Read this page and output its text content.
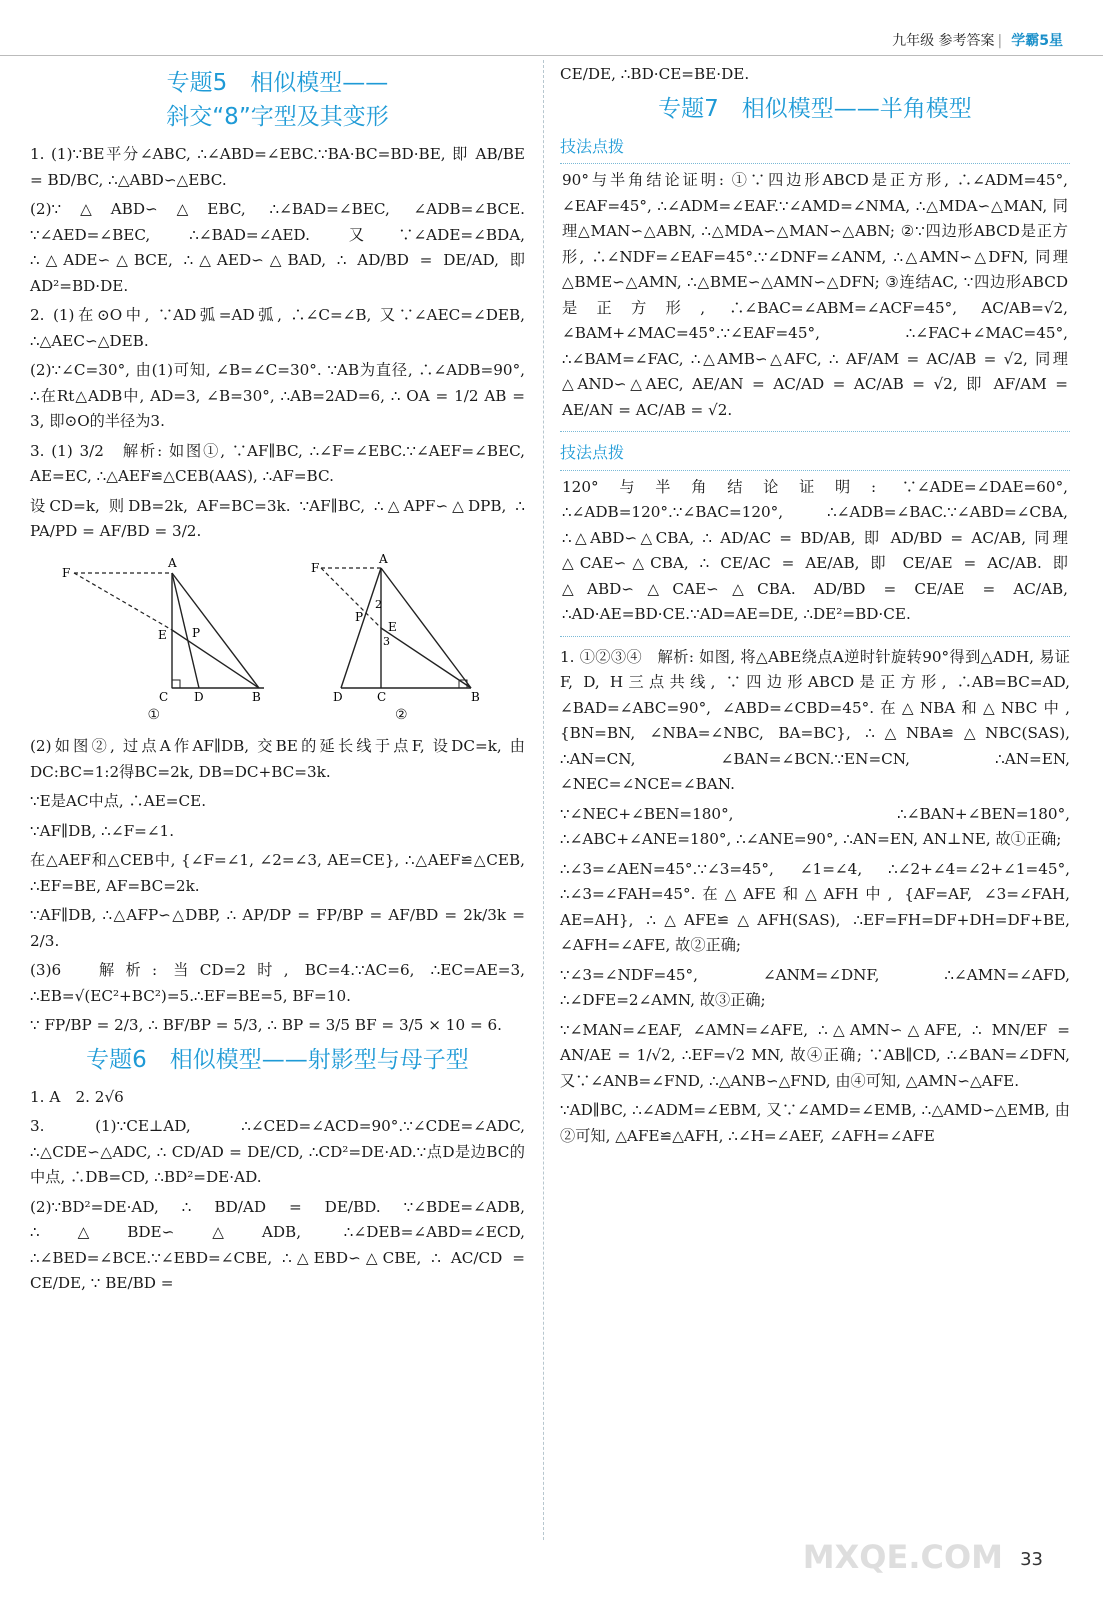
九年级 参考答案 | 学霸5星
专题5　相似模型——
斜交“8”字型及其变形

1. (1)∵BE平分∠ABC, ∴∠ABD=∠EBC.∵BA·BC=BD·BE, 即 AB/BE = BD/BC, ∴△ABD∽△EBC.

(2)∵△ABD∽△EBC, ∴∠BAD=∠BEC, ∠ADB=∠BCE. ∵∠AED=∠BEC, ∴∠BAD=∠AED. 又∵∠ADE=∠BDA, ∴△ADE∽△BCE, ∴△AED∽△BAD, ∴ AD/BD = DE/AD, 即 AD²=BD·DE.

2. (1)在⊙O中, ∵AD弧=AD弧, ∴∠C=∠B, 又∵∠AEC=∠DEB, ∴△AEC∽△DEB.

(2)∵∠C=30°, 由(1)可知, ∠B=∠C=30°. ∵AB为直径, ∴∠ADB=90°, ∴在Rt△ADB中, AD=3, ∠B=30°, ∴AB=2AD=6, ∴ OA = 1/2 AB = 3, 即⊙O的半径为3.

3. (1) 3/2　解析: 如图①, ∵AF∥BC, ∴∠F=∠EBC.∵∠AEF=∠BEC, AE=EC, ∴△AEF≌△CEB(AAS), ∴AF=BC.

设CD=k, 则DB=2k, AF=BC=3k. ∵AF∥BC, ∴△APF∽△DPB, ∴ PA/PD = AF/BD = 3/2.

F
A
E P
C D	B
①
F
A
P
2
E
3
D	C	B
②

(2)如图②, 过点A作AF∥DB, 交BE的延长线于点F, 设DC=k, 由DC:BC=1:2得BC=2k, DB=DC+BC=3k.

∵E是AC中点, ∴AE=CE.

∵AF∥DB, ∴∠F=∠1.

在△AEF和△CEB中, {∠F=∠1, ∠2=∠3, AE=CE}, ∴△AEF≌△CEB, ∴EF=BE, AF=BC=2k.

∵AF∥DB, ∴△AFP∽△DBP, ∴ AP/DP = FP/BP = AF/BD = 2k/3k = 2/3.

(3)6　解析: 当CD=2时, BC=4.∵AC=6, ∴EC=AE=3, ∴EB=√(EC²+BC²)=5.∴EF=BE=5, BF=10.

∵ FP/BP = 2/3, ∴ BF/BP = 5/3, ∴ BP = 3/5 BF = 3/5 × 10 = 6.

专题6　相似模型——射影型与母子型

1. A　2. 2√6

3. (1)∵CE⊥AD, ∴∠CED=∠ACD=90°.∵∠CDE=∠ADC, ∴△CDE∽△ADC, ∴ CD/AD = DE/CD, ∴CD²=DE·AD.∵点D是边BC的中点, ∴DB=CD, ∴BD²=DE·AD.

(2)∵BD²=DE·AD, ∴ BD/AD = DE/BD. ∵∠BDE=∠ADB, ∴△BDE∽△ADB, ∴∠DEB=∠ABD=∠ECD, ∴∠BED=∠BCE.∵∠EBD=∠CBE, ∴△EBD∽△CBE, ∴ AC/CD = CE/DE, ∵ BE/BD =

CE/DE, ∴BD·CE=BE·DE.

专题7　相似模型——半角模型
技法点拨

90°与半角结论证明: ①∵四边形ABCD是正方形, ∴∠ADM=45°, ∠EAF=45°, ∴∠ADM=∠EAF.∵∠AMD=∠NMA, ∴△MDA∽△MAN, 同理△MAN∽△ABN, ∴△MDA∽△MAN∽△ABN; ②∵四边形ABCD是正方形, ∴∠NDF=∠EAF=45°.∵∠DNF=∠ANM, ∴△AMN∽△DFN, 同理△BME∽△AMN, ∴△BME∽△AMN∽△DFN; ③连结AC, ∵四边形ABCD是正方形, ∴∠BAC=∠ABM=∠ACF=45°, AC/AB=√2, ∠BAM+∠MAC=45°.∵∠EAF=45°, ∴∠FAC+∠MAC=45°, ∴∠BAM=∠FAC, ∴△AMB∽△AFC, ∴ AF/AM = AC/AB = √2, 同理△AND∽△AEC, AE/AN = AC/AD = AC/AB = √2, 即 AF/AM = AE/AN = AC/AB = √2.

技法点拨

120°与半角结论证明: ∵∠ADE=∠DAE=60°, ∴∠ADB=120°.∵∠BAC=120°, ∴∠ADB=∠BAC.∵∠ABD=∠CBA, ∴△ABD∽△CBA, ∴ AD/AC = BD/AB, 即 AD/BD = AC/AB, 同理△CAE∽△CBA, ∴ CE/AC = AE/AB, 即 CE/AE = AC/AB. 即△ABD∽△CAE∽△CBA. AD/BD = CE/AE = AC/AB, ∴AD·AE=BD·CE.∵AD=AE=DE, ∴DE²=BD·CE.

1. ①②③④　解析: 如图, 将△ABE绕点A逆时针旋转90°得到△ADH, 易证F, D, H三点共线, ∵四边形ABCD是正方形, ∴AB=BC=AD, ∠BAD=∠ABC=90°, ∠ABD=∠CBD=45°.在△NBA和△NBC中, {BN=BN, ∠NBA=∠NBC, BA=BC}, ∴△NBA≌△NBC(SAS), ∴AN=CN, ∠BAN=∠BCN.∵EN=CN, ∴AN=EN, ∠NEC=∠NCE=∠BAN.

∵∠NEC+∠BEN=180°, ∴∠BAN+∠BEN=180°, ∴∠ABC+∠ANE=180°, ∴∠ANE=90°, ∴AN=EN, AN⊥NE, 故①正确;

∴∠3=∠AEN=45°.∵∠3=45°, ∠1=∠4, ∴∠2+∠4=∠2+∠1=45°, ∴∠3=∠FAH=45°.在△AFE和△AFH中, {AF=AF, ∠3=∠FAH, AE=AH}, ∴△AFE≌△AFH(SAS), ∴EF=FH=DF+DH=DF+BE, ∠AFH=∠AFE, 故②正确;

∵∠3=∠NDF=45°, ∠ANM=∠DNF, ∴∠AMN=∠AFD, ∴∠DFE=2∠AMN, 故③正确;

∵∠MAN=∠EAF, ∠AMN=∠AFE, ∴△AMN∽△AFE, ∴ MN/EF = AN/AE = 1/√2, ∴EF=√2 MN, 故④正确; ∵AB∥CD, ∴∠BAN=∠DFN, 又∵∠ANB=∠FND, ∴△ANB∽△FND, 由④可知, △AMN∽△AFE.

∵AD∥BC, ∴∠ADM=∠EBM, 又∵∠AMD=∠EMB, ∴△AMD∽△EMB, 由②可知, △AFE≌△AFH, ∴∠H=∠AEF, ∠AFH=∠AFE

MXQE.COM 33
